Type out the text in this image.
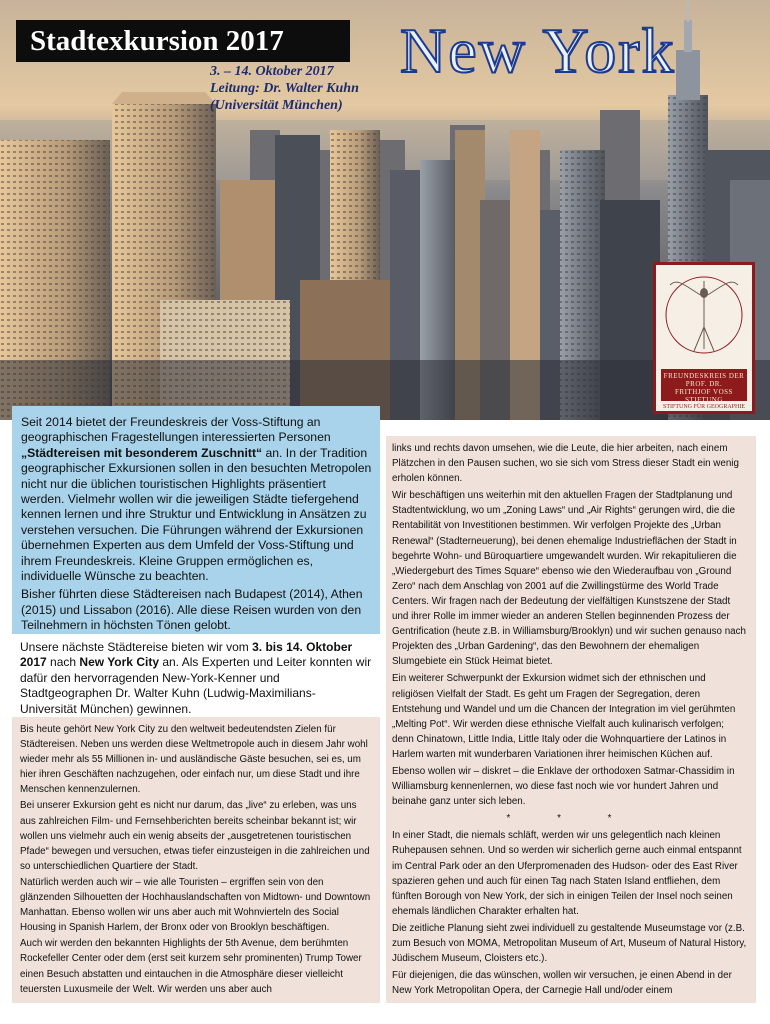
Stadtexkursion 2017
3. – 14. Oktober 2017
Leitung: Dr. Walter Kuhn
(Universität München)
New York
FREUNDESKREIS DER
PROF. DR.
FRITHJOF VOSS
STIFTUNG
STIFTUNG FÜR GEOGRAPHIE

Seit 2014 bietet der Freundeskreis der Voss-Stiftung an geographischen Fragestellungen interessierten Personen „Städtereisen mit besonderem Zuschnitt“ an. In der Tradition geographischer Exkursionen sollen in den besuchten Metropolen nicht nur die üblichen touristischen Highlights präsentiert werden. Vielmehr wollen wir die jeweiligen Städte tiefergehend kennen lernen und ihre Struktur und Entwicklung in Ansätzen zu verstehen versuchen. Die Führungen während der Exkursionen übernehmen Experten aus dem Umfeld der Voss-Stiftung und ihrem Freundeskreis. Kleine Gruppen ermöglichen es, individuelle Wünsche zu beachten.

Bisher führten diese Städtereisen nach Budapest (2014), Athen (2015) und Lissabon (2016). Alle diese Reisen wurden von den Teilnehmern in höchsten Tönen gelobt.

Unsere nächste Städtereise bieten wir vom 3. bis 14. Oktober 2017 nach New York City an. Als Experten und Leiter konnten wir dafür den hervorragenden New-York-Kenner und Stadtgeographen Dr. Walter Kuhn (Ludwig-Maximilians-Universität München) gewinnen.

Bis heute gehört New York City zu den weltweit bedeutendsten Zielen für Städtereisen. Neben uns werden diese Weltmetropole auch in diesem Jahr wohl wieder mehr als 55 Millionen in- und ausländische Gäste besuchen, sei es, um hier ihren Geschäften nachzugehen, oder einfach nur, um diese Stadt und ihre Menschen kennenzulernen.

Bei unserer Exkursion geht es nicht nur darum, das „live“ zu erleben, was uns aus zahlreichen Film- und Fernsehberichten bereits scheinbar bekannt ist; wir wollen uns vielmehr auch ein wenig abseits der „ausgetretenen touristischen Pfade“ bewegen und versuchen, etwas tiefer einzusteigen in die zahlreichen und so unterschiedlichen Quartiere der Stadt.

Natürlich werden auch wir – wie alle Touristen – ergriffen sein von den glänzenden Silhouetten der Hochhauslandschaften von Midtown- und Downtown Manhattan. Ebenso wollen wir uns aber auch mit Wohnvierteln des Social Housing in Spanish Harlem, der Bronx oder von Brooklyn beschäftigen.

Auch wir werden den bekannten Highlights der 5th Avenue, dem berühmten Rockefeller Center oder dem (erst seit kurzem sehr prominenten) Trump Tower einen Besuch abstatten und eintauchen in die Atmosphäre dieser vielleicht teuersten Luxusmeile der Welt. Wir werden uns aber auch

links und rechts davon umsehen, wie die Leute, die hier arbeiten, nach einem Plätzchen in den Pausen suchen, wo sie sich vom Stress dieser Stadt ein wenig erholen können.

Wir beschäftigen uns weiterhin mit den aktuellen Fragen der Stadtplanung und Stadtentwicklung, wo um „Zoning Laws“ und „Air Rights“ gerungen wird, die die Rentabilität von Investitionen bestimmen. Wir verfolgen Projekte des „Urban Renewal“ (Stadterneuerung), bei denen ehemalige Industrieflächen der Stadt in begehrte Wohn- und Büroquartiere umgewandelt wurden. Wir rekapitulieren die „Wiedergeburt des Times Square“ ebenso wie den Wiederaufbau von „Ground Zero“ nach dem Anschlag von 2001 auf die Zwillingstürme des World Trade Centers. Wir fragen nach der Bedeutung der vielfältigen Kunstszene der Stadt und ihrer Rolle im immer wieder an anderen Stellen beginnenden Prozess der Gentrification (heute z.B. in Williamsburg/Brooklyn) und wir suchen genauso nach Projekten des „Urban Gardening“, das den Bewohnern der ehemaligen Slumgebiete ein Stück Heimat bietet.

Ein weiterer Schwerpunkt der Exkursion widmet sich der ethnischen und religiösen Vielfalt der Stadt. Es geht um Fragen der Segregation, deren Entstehung und Wandel und um die Chancen der Integration im viel gerühmten „Melting Pot“. Wir werden diese ethnische Vielfalt auch kulinarisch verfolgen; denn Chinatown, Little India, Little Italy oder die Wohnquartiere der Latinos in Harlem warten mit wunderbaren Variationen ihrer heimischen Küchen auf.

Ebenso wollen wir – diskret – die Enklave der orthodoxen Satmar-Chassidim in Williamsburg kennenlernen, wo diese fast noch wie vor hundert Jahren und beinahe ganz unter sich leben.

* * *

In einer Stadt, die niemals schläft, werden wir uns gelegentlich nach kleinen Ruhepausen sehnen. Und so werden wir sicherlich gerne auch einmal entspannt im Central Park oder an den Uferpromenaden des Hudson- oder des East River spazieren gehen und auch für einen Tag nach Staten Island entfliehen, dem fünften Borough von New York, der sich in einigen Teilen der Insel noch seinen ehemals ländlichen Charakter erhalten hat.

Die zeitliche Planung sieht zwei individuell zu gestaltende Museumstage vor (z.B. zum Besuch von MOMA, Metropolitan Museum of Art, Museum of Natural History, Jüdischem Museum, Cloisters etc.).

Für diejenigen, die das wünschen, wollen wir versuchen, je einen Abend in der New York Metropolitan Opera, der Carnegie Hall und/oder einem
